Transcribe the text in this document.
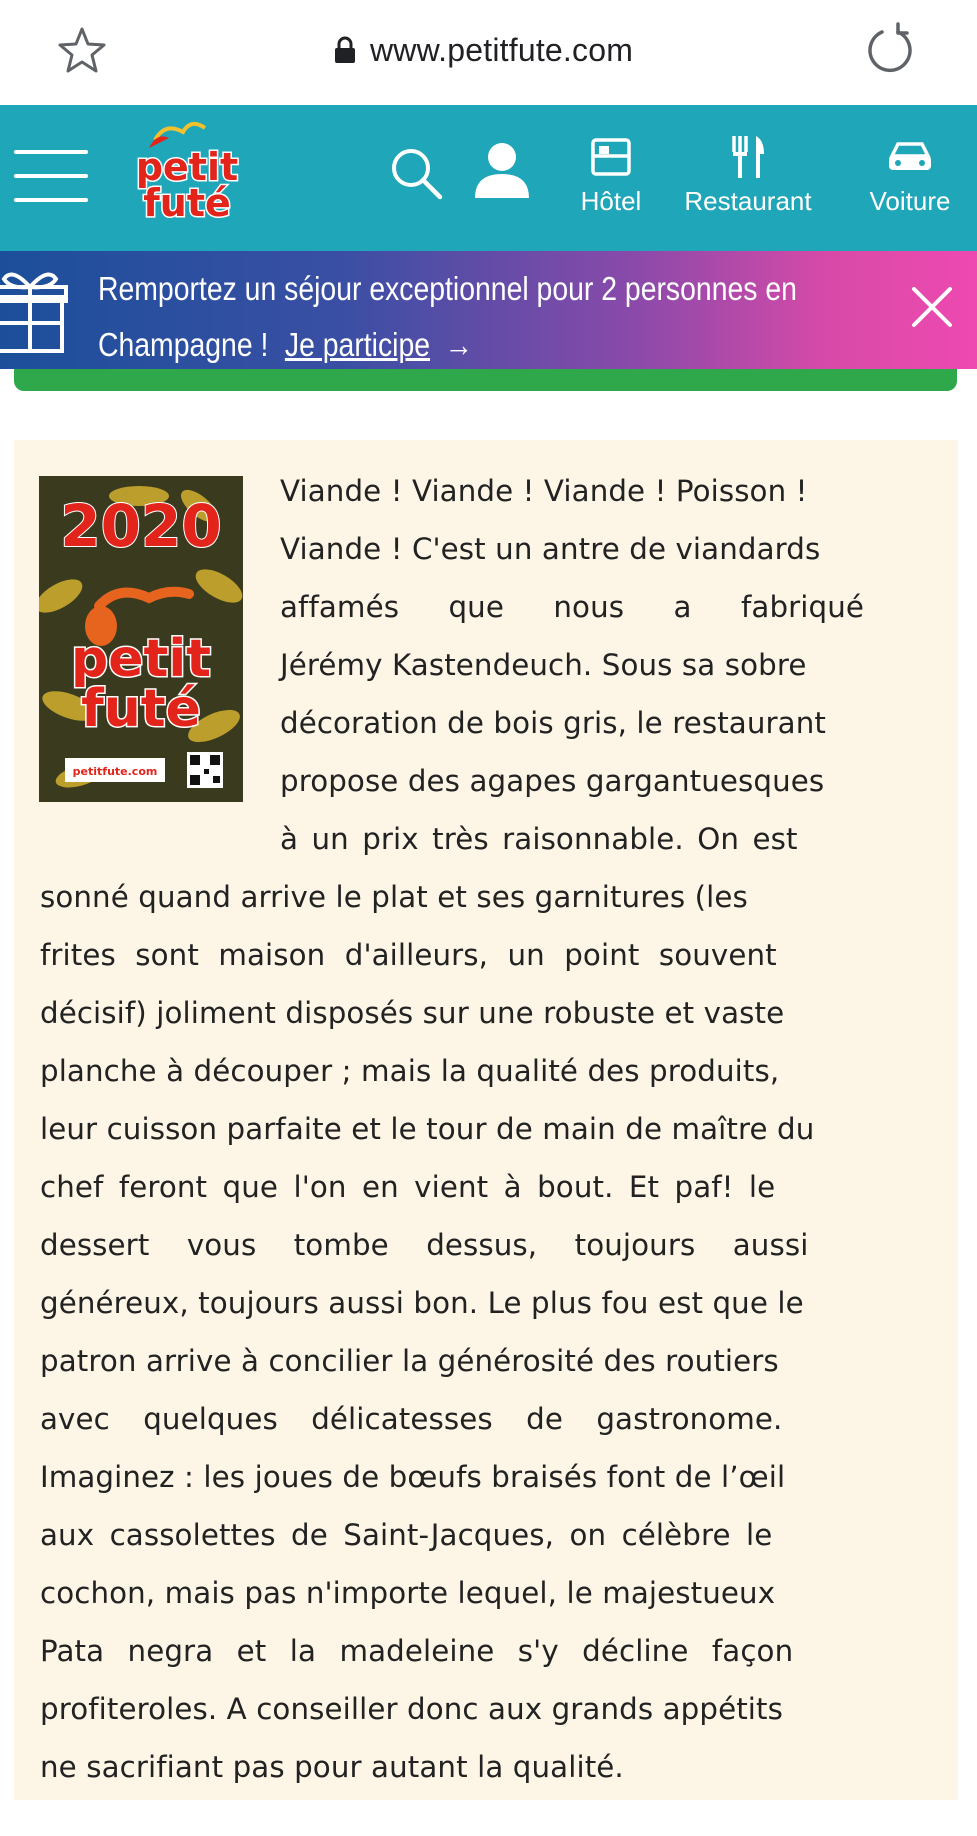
www.petitfute.com
petit
futé	Hôtel	Restaurant	Voiture
Remportez un séjour exceptionnel pour 2 personnes en
Champagne ! Je participe →
2020
petit
futé
petitfute.com
Viande ! Viande ! Viande ! Poisson !
Viande ! C'est un antre de viandards
affamés que nous a fabriqué
Jérémy Kastendeuch. Sous sa sobre
décoration de bois gris, le restaurant
propose des agapes gargantuesques
à un prix très raisonnable. On est
sonné quand arrive le plat et ses garnitures (les
frites sont maison d'ailleurs, un point souvent
décisif) joliment disposés sur une robuste et vaste
planche à découper ; mais la qualité des produits,
leur cuisson parfaite et le tour de main de maître du
chef feront que l'on en vient à bout. Et paf! le
dessert vous tombe dessus, toujours aussi
généreux, toujours aussi bon. Le plus fou est que le
patron arrive à concilier la générosité des routiers
avec quelques délicatesses de gastronome.
Imaginez : les joues de bœufs braisés font de l’œil
aux cassolettes de Saint-Jacques, on célèbre le
cochon, mais pas n'importe lequel, le majestueux
Pata negra et la madeleine s'y décline façon
profiteroles. A conseiller donc aux grands appétits
ne sacrifiant pas pour autant la qualité.
